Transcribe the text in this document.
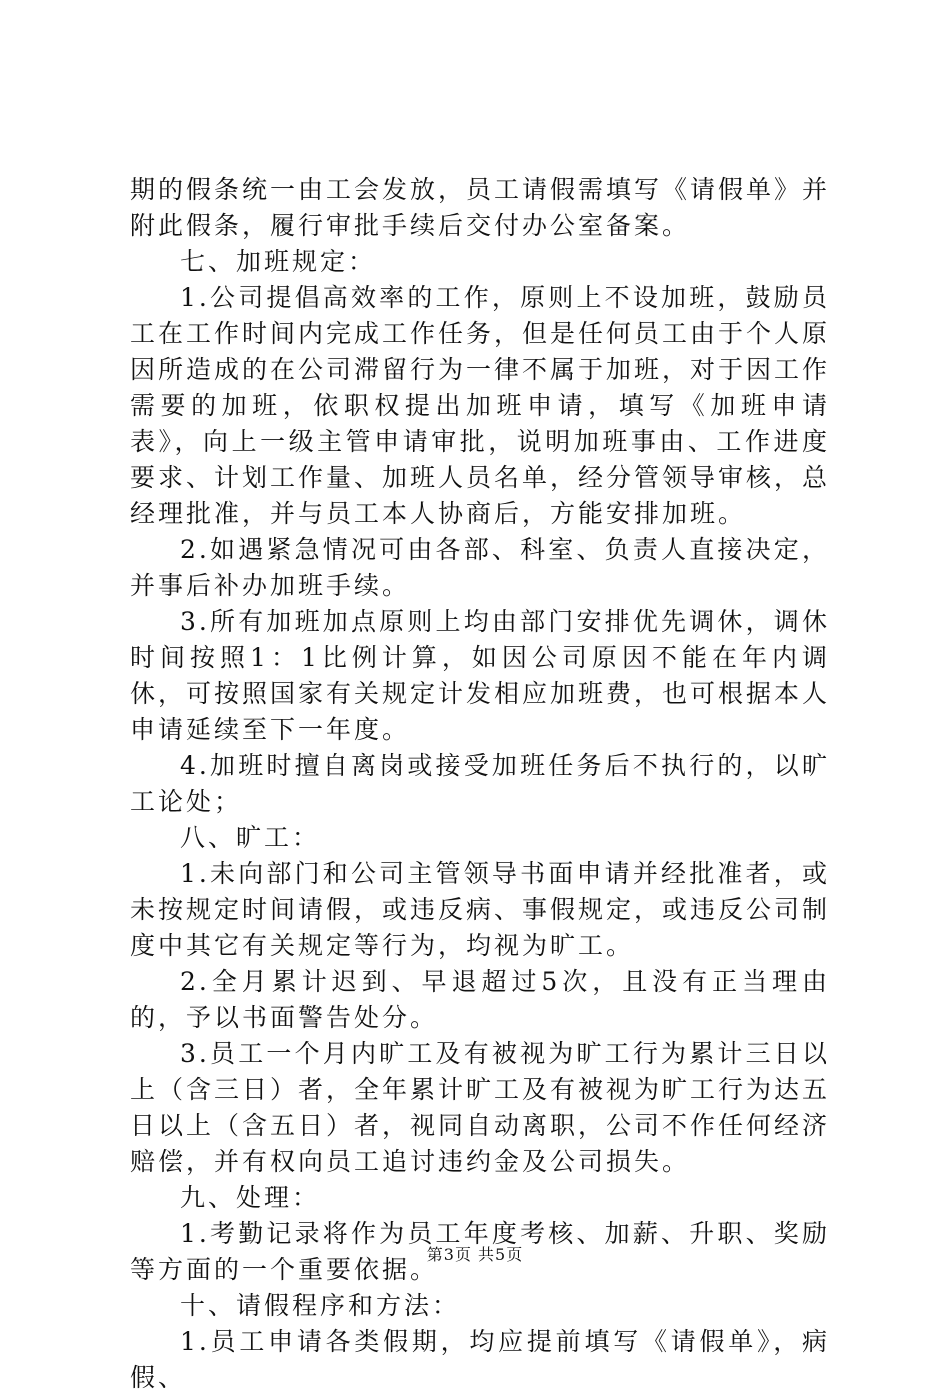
期的假条统一由工会发放，员工请假需填写《请假单》并附此假条，履行审批手续后交付办公室备案。

七、加班规定：

1.公司提倡高效率的工作，原则上不设加班，鼓励员工在工作时间内完成工作任务，但是任何员工由于个人原因所造成的在公司滞留行为一律不属于加班，对于因工作需要的加班，依职权提出加班申请，填写《加班申请表》，向上一级主管申请审批，说明加班事由、工作进度要求、计划工作量、加班人员名单，经分管领导审核，总经理批准，并与员工本人协商后，方能安排加班。

2.如遇紧急情况可由各部、科室、负责人直接决定，并事后补办加班手续。

3.所有加班加点原则上均由部门安排优先调休，调休时间按照1：1比例计算，如因公司原因不能在年内调休，可按照国家有关规定计发相应加班费，也可根据本人申请延续至下一年度。

4.加班时擅自离岗或接受加班任务后不执行的，以旷工论处；

八、旷工：

1.未向部门和公司主管领导书面申请并经批准者，或未按规定时间请假，或违反病、事假规定，或违反公司制度中其它有关规定等行为，均视为旷工。

2.全月累计迟到、早退超过5次，且没有正当理由的，予以书面警告处分。

3.员工一个月内旷工及有被视为旷工行为累计三日以上（含三日）者，全年累计旷工及有被视为旷工行为达五日以上（含五日）者，视同自动离职，公司不作任何经济赔偿，并有权向员工追讨违约金及公司损失。

九、处理：

1.考勤记录将作为员工年度考核、加薪、升职、奖励等方面的一个重要依据。

十、请假程序和方法：

1.员工申请各类假期，均应提前填写《请假单》，病假、

第3页 共5页
